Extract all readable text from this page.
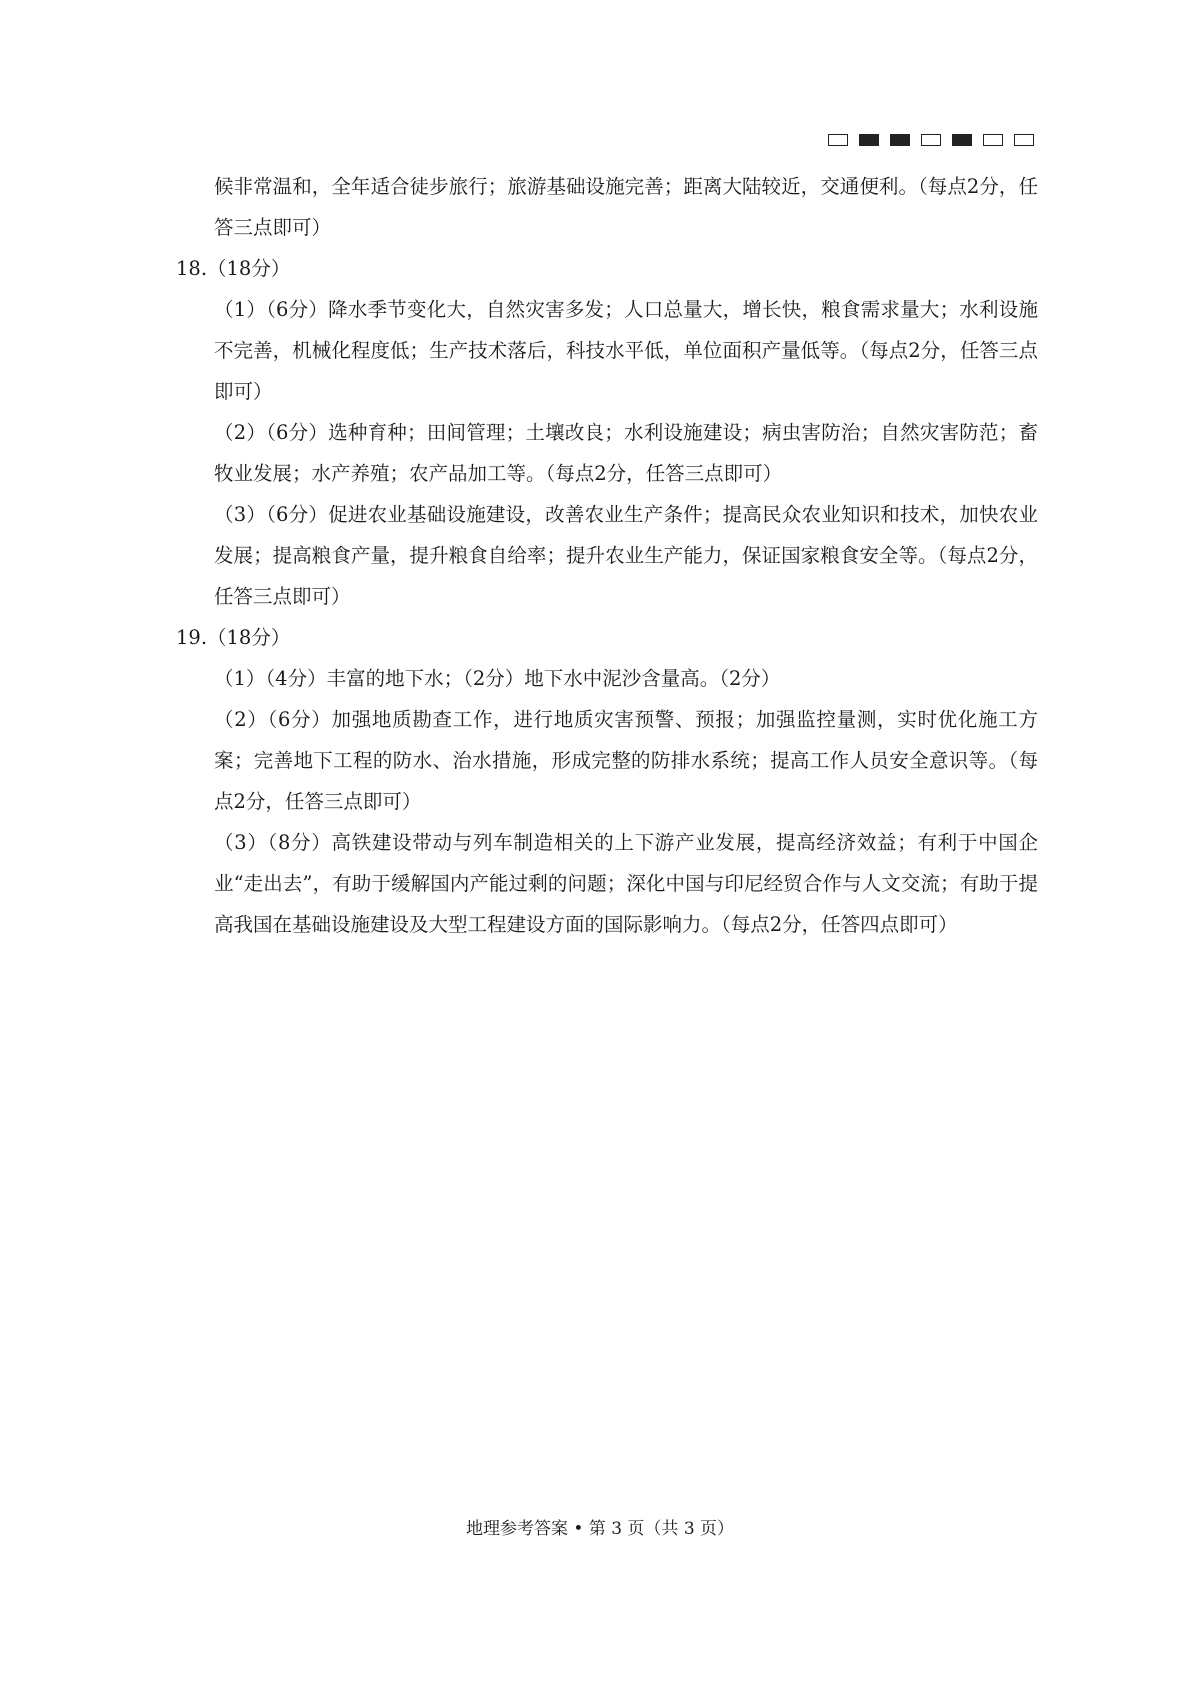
候非常温和，全年适合徒步旅行；旅游基础设施完善；距离大陆较近，交通便利。（每点2分，任答三点即可）

18.（18分）

（1）（6分）降水季节变化大，自然灾害多发；人口总量大，增长快，粮食需求量大；水利设施不完善，机械化程度低；生产技术落后，科技水平低，单位面积产量低等。（每点2分，任答三点即可）

（2）（6分）选种育种；田间管理；土壤改良；水利设施建设；病虫害防治；自然灾害防范；畜牧业发展；水产养殖；农产品加工等。（每点2分，任答三点即可）

（3）（6分）促进农业基础设施建设，改善农业生产条件；提高民众农业知识和技术，加快农业发展；提高粮食产量，提升粮食自给率；提升农业生产能力，保证国家粮食安全等。（每点2分，任答三点即可）

19.（18分）

（1）（4分）丰富的地下水；（2分）地下水中泥沙含量高。（2分）

（2）（6分）加强地质勘查工作，进行地质灾害预警、预报；加强监控量测，实时优化施工方案；完善地下工程的防水、治水措施，形成完整的防排水系统；提高工作人员安全意识等。（每点2分，任答三点即可）

（3）（8分）高铁建设带动与列车制造相关的上下游产业发展，提高经济效益；有利于中国企业“走出去”，有助于缓解国内产能过剩的问题；深化中国与印尼经贸合作与人文交流；有助于提高我国在基础设施建设及大型工程建设方面的国际影响力。（每点2分，任答四点即可）

地理参考答案 • 第 3 页（共 3 页）
